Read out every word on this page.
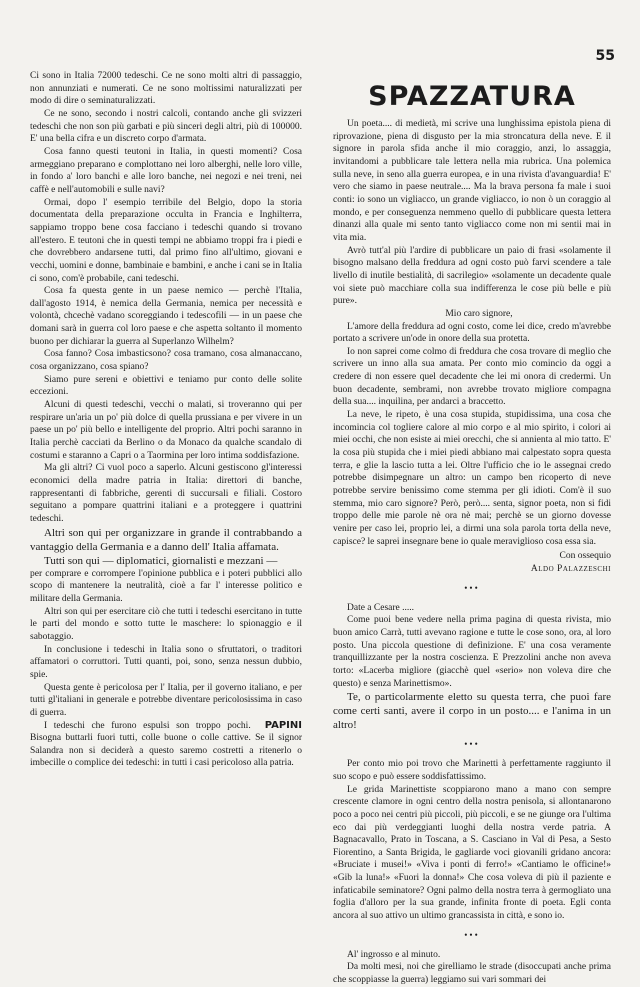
55

Ci sono in Italia 72000 tedeschi. Ce ne sono molti altri di passaggio, non annunziati e numerati. Ce ne sono moltissimi naturalizzati per modo di dire o seminaturalizzati.

Ce ne sono, secondo i nostri calcoli, contando anche gli svizzeri tedeschi che non son più garbati e più sinceri degli altri, più di 100000. E' una bella cifra e un discreto corpo d'armata.

Cosa fanno questi teutoni in Italia, in questi momenti? Cosa armeggiano preparano e complottano nei loro alberghi, nelle loro ville, in fondo a' loro banchi e alle loro banche, nei negozi e nei treni, nei caffè e nell'automobili e sulle navi?

Ormai, dopo l' esempio terribile del Belgio, dopo la storia documentata della preparazione occulta in Francia e Inghilterra, sappiamo troppo bene cosa facciano i tedeschi quando si trovano all'estero. E teutoni che in questi tempi ne abbiamo troppi fra i piedi e che dovrebbero andarsene tutti, dal primo fino all'ultimo, giovani e vecchi, uomini e donne, bambinaie e bambini, e anche i cani se in Italia ci sono, com'è probabile, cani tedeschi.

Cosa fa questa gente in un paese nemico — perchè l'Italia, dall'agosto 1914, è nemica della Germania, nemica per necessità e volontà, chcechè vadano scoreggiando i tedescofili — in un paese che domani sarà in guerra col loro paese e che aspetta soltanto il momento buono per dichiarar la guerra al Superlanzo Wilhelm?

Cosa fanno? Cosa imbasticsono? cosa tramano, cosa almanaccano, cosa organizzano, cosa spiano?

Siamo pure sereni e obiettivi e teniamo pur conto delle solite eccezioni.

Alcuni di questi tedeschi, vecchi o malati, si troveranno qui per respirare un'aria un po' più dolce di quella prussiana e per vivere in un paese un po' più bello e intelligente del proprio. Altri pochi saranno in Italia perchè cacciati da Berlino o da Monaco da qualche scandalo di costumi e staranno a Capri o a Taormina per loro intima soddisfazione.

Ma gli altri? Ci vuol poco a saperlo. Alcuni gestiscono gl'interessi economici della madre patria in Italia: direttori di banche, rappresentanti di fabbriche, gerenti di succursali e filiali. Costoro seguitano a pompare quattrini italiani e a proteggere i quattrini tedeschi.

Altri son qui per organizzare in grande il contrabbando a vantaggio della Germania e a danno dell' Italia affamata.

Tutti son qui — diplomatici, giornalisti e mezzani —

per comprare e corrompere l'opinione pubblica e i poteri pubblici allo scopo di mantenere la neutralità, cioè a far l' interesse politico e militare della Germania.

Altri son qui per esercitare ciò che tutti i tedeschi esercitano in tutte le parti del mondo e sotto tutte le maschere: lo spionaggio e il sabotaggio.

In conclusione i tedeschi in Italia sono o sfruttatori, o traditori affamatori o corruttori. Tutti quanti, poi, sono, senza nessun dubbio, spie.

Questa gente è pericolosa per l' Italia, per il governo italiano, e per tutti gl'italiani in generale e potrebbe diventare pericolosissima in caso di guerra.

PAPINI
I tedeschi che furono espulsi son troppo pochi. Bisogna buttarli fuori tutti, colle buone o colle cattive. Se il signor Salandra non si deciderà a questo saremo costretti a ritenerlo o imbecille o complice dei tedeschi: in tutti i casi pericoloso alla patria.

SPAZZATURA

Un poeta.... di medietà, mi scrive una lunghissima epistola piena di riprovazione, piena di disgusto per la mia stroncatura della neve. E il signore in parola sfida anche il mio coraggio, anzi, lo assaggia, invitandomi a pubblicare tale lettera nella mia rubrica. Una polemica sulla neve, in seno alla guerra europea, e in una rivista d'avanguardia! E' vero che siamo in paese neutrale.... Ma la brava persona fa male i suoi conti: io sono un vigliacco, un grande vigliacco, io non ò un coraggio al mondo, e per conseguenza nemmeno quello di pubblicare questa lettera dinanzi alla quale mi sento tanto vigliacco come non mi sentii mai in vita mia.

Avrò tutt'al più l'ardire di pubblicare un paio di frasi «solamente il bisogno malsano della freddura ad ogni costo può farvi scendere a tale livello di inutile bestialità, di sacrilegio» «solamente un decadente quale voi siete può macchiare colla sua indifferenza le cose più belle e più pure».

Mio caro signore,

L'amore della freddura ad ogni costo, come lei dice, credo m'avrebbe portato a scrivere un'ode in onore della sua protetta.

Io non saprei come colmo di freddura che cosa trovare di meglio che scrivere un inno alla sua amata. Per conto mio comincio da oggi a credere di non essere quel decadente che lei mi onora di credermi. Un buon decadente, sembrami, non avrebbe trovato migliore compagna della sua.... inquilina, per andarci a braccetto.

La neve, le ripeto, è una cosa stupida, stupidissima, una cosa che incomincia col togliere calore al mio corpo e al mio spirito, i colori ai miei occhi, che non esiste ai miei orecchi, che si annienta al mio tatto. E' la cosa più stupida che i miei piedi abbiano mai calpestato sopra questa terra, e glie la lascio tutta a lei. Oltre l'ufficio che io le assegnai credo potrebbe disimpegnare un altro: un campo ben ricoperto di neve potrebbe servire benissimo come stemma per gli idioti. Com'è il suo stemma, mio caro signore? Però, però.... senta, signor poeta, non si fidi troppo delle mie parole nè ora nè mai; perchè se un giorno dovesse venire per caso lei, proprio lei, a dirmi una sola parola torta della neve, capisce? le saprei insegnare bene io quale meraviglioso cosa essa sia.

Con ossequio

Aldo Palazzeschi

•••

Date a Cesare .....

Come puoi bene vedere nella prima pagina di questa rivista, mio buon amico Carrà, tutti avevano ragione e tutte le cose sono, ora, al loro posto. Una piccola questione di definizione. E' una cosa veramente tranquillizzante per la nostra coscienza. E Prezzolini anche non aveva torto: «Lacerba migliore (giacchè quel «serio» non voleva dire che questo) e senza Marinettismo».

Te, o particolarmente eletto su questa terra, che puoi fare come certi santi, avere il corpo in un posto.... e l'anima in un altro!

•••

Per conto mio poi trovo che Marinetti à perfettamente raggiunto il suo scopo e può essere soddisfattissimo.

Le grida Marinettiste scoppiarono mano a mano con sempre crescente clamore in ogni centro della nostra penisola, si allontanarono poco a poco nei centri più piccoli, più piccoli, e se ne giunge ora l'ultima eco dai più verdeggianti luoghi della nostra verde patria. A Bagnacavallo, Prato in Toscana, a S. Casciano in Val di Pesa, a Sesto Fiorentino, a Santa Brigida, le gagliarde voci giovanili gridano ancora: «Bruciate i musei!» «Viva i ponti di ferro!» «Cantiamo le officine!» «Gib la luna!» «Fuori la donna!» Che cosa voleva di più il paziente e infaticabile seminatore? Ogni palmo della nostra terra à germogliato una foglia d'alloro per la sua grande, infinita fronte di poeta. Egli conta ancora al suo attivo un ultimo grancassista in città, e sono io.

•••

Al' ingrosso e al minuto.

Da molti mesi, noi che girelliamo le strade (disoccupati anche prima che scoppiasse la guerra) leggiamo sui vari sommari dei
